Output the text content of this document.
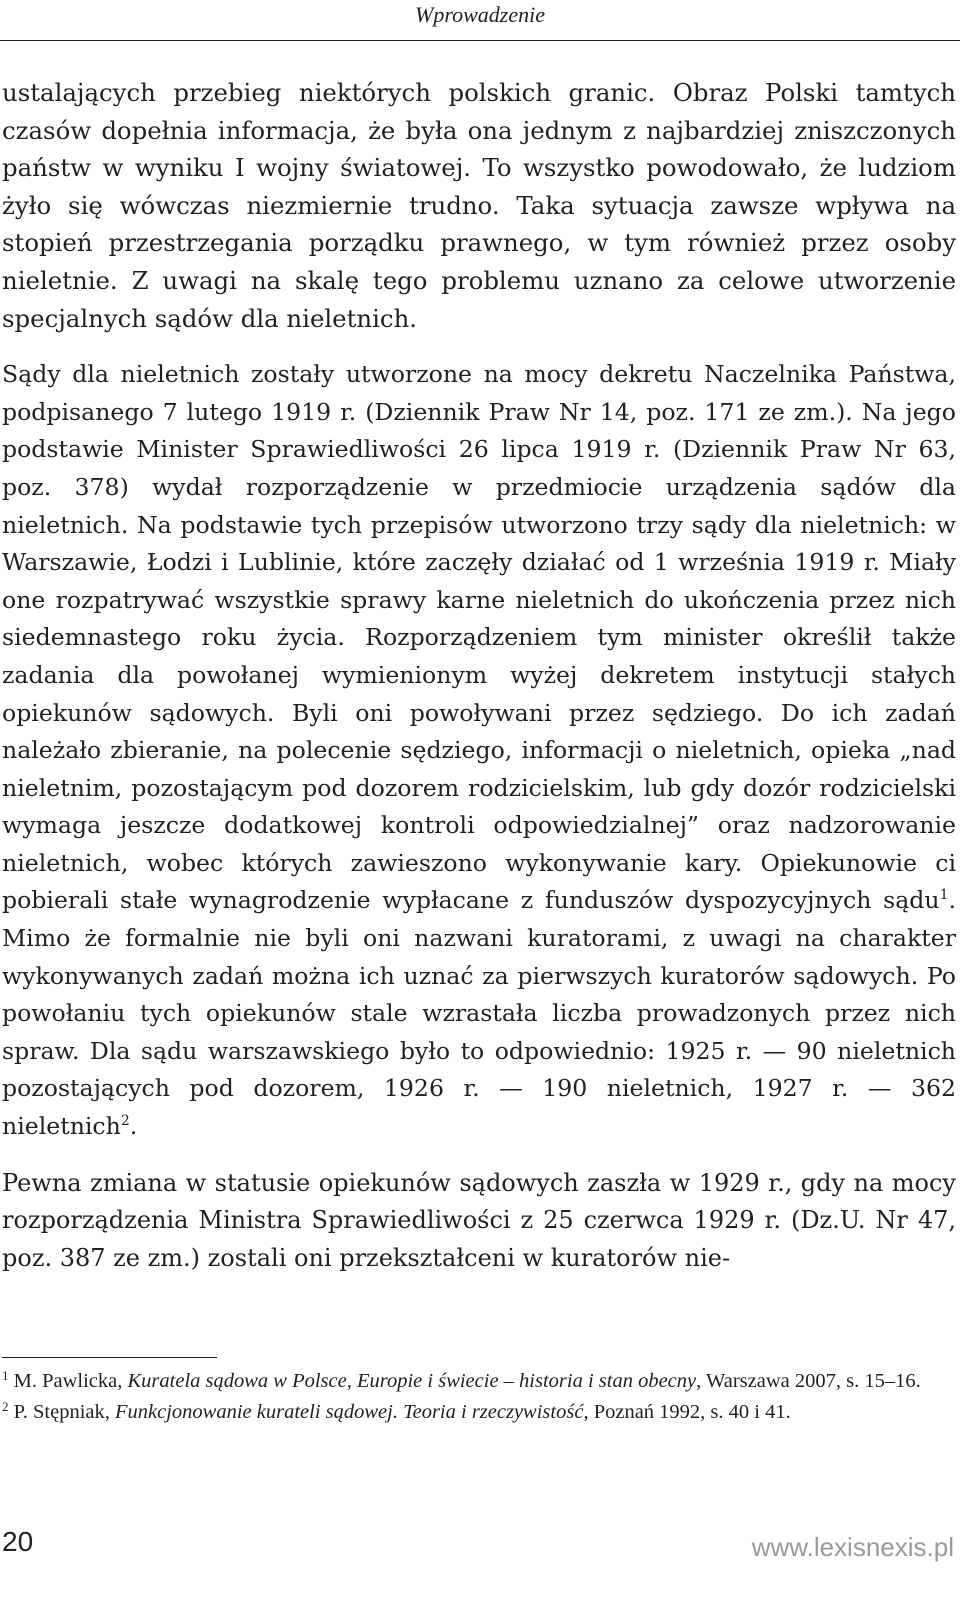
Wprowadzenie

ustalających przebieg niektórych polskich granic. Obraz Polski tamtych czasów dopełnia informacja, że była ona jednym z najbardziej zniszczonych państw w wyniku I wojny światowej. To wszystko powodowało, że ludziom żyło się wówczas niezmiernie trudno. Taka sytuacja zawsze wpływa na stopień przestrzegania porządku prawnego, w tym również przez osoby nieletnie. Z uwagi na skalę tego problemu uznano za celowe utworzenie specjalnych sądów dla nieletnich.

Sądy dla nieletnich zostały utworzone na mocy dekretu Naczelnika Państwa, podpisanego 7 lutego 1919 r. (Dziennik Praw Nr 14, poz. 171 ze zm.). Na jego podstawie Minister Sprawiedliwości 26 lipca 1919 r. (Dziennik Praw Nr 63, poz. 378) wydał rozporządzenie w przedmiocie urządzenia sądów dla nieletnich. Na podstawie tych przepisów utworzono trzy sądy dla nieletnich: w Warszawie, Łodzi i Lublinie, które zaczęły działać od 1 września 1919 r. Miały one rozpatrywać wszystkie sprawy karne nieletnich do ukończenia przez nich siedemnastego roku życia. Rozporządzeniem tym minister określił także zadania dla powołanej wymienionym wyżej dekretem instytucji stałych opiekunów sądowych. Byli oni powoływani przez sędziego. Do ich zadań należało zbieranie, na polecenie sędziego, informacji o nieletnich, opieka „nad nieletnim, pozostającym pod dozorem rodzicielskim, lub gdy dozór rodzicielski wymaga jeszcze dodatkowej kontroli odpowiedzialnej” oraz nadzorowanie nieletnich, wobec których zawieszono wykonywanie kary. Opiekunowie ci pobierali stałe wynagrodzenie wypłacane z funduszów dyspozycyjnych sądu$^1$. Mimo że formalnie nie byli oni nazwani kuratorami, z uwagi na charakter wykonywanych zadań można ich uznać za pierwszych kuratorów sądowych. Po powołaniu tych opiekunów stale wzrastała liczba prowadzonych przez nich spraw. Dla sądu warszawskiego było to odpowiednio: 1925 r. — 90 nieletnich pozostających pod dozorem, 1926 r. — 190 nieletnich, 1927 r. — 362 nieletnich$^2$.

Pewna zmiana w statusie opiekunów sądowych zaszła w 1929 r., gdy na mocy rozporządzenia Ministra Sprawiedliwości z 25 czerwca 1929 r. (Dz.U. Nr 47, poz. 387 ze zm.) zostali oni przekształceni w kuratorów nie-

$^1$ M. Pawlicka, Kuratela sądowa w Polsce, Europie i świecie – historia i stan obecny, Warszawa 2007, s. 15–16.

$^2$ P. Stępniak, Funkcjonowanie kurateli sądowej. Teoria i rzeczywistość, Poznań 1992, s. 40 i 41.

20	www.lexisnexis.pl
